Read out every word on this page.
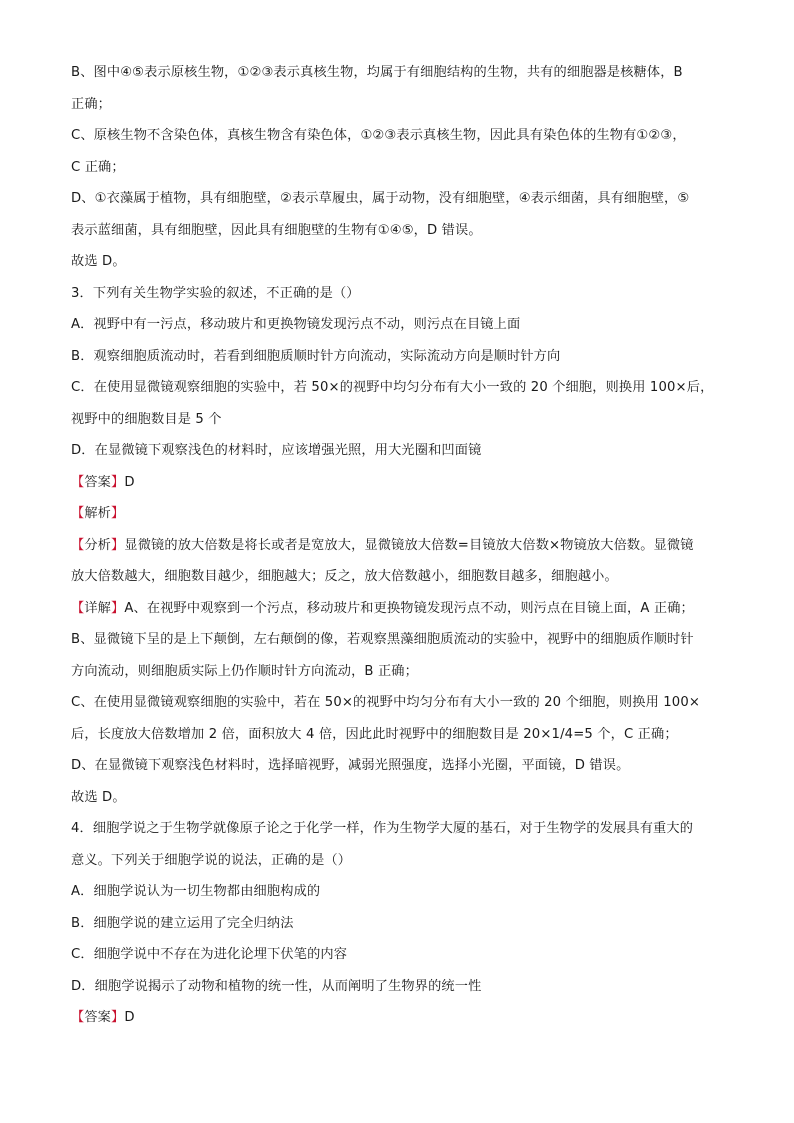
B、图中④⑤表示原核生物，①②③表示真核生物，均属于有细胞结构的生物，共有的细胞器是核糖体，B

正确；

C、原核生物不含染色体，真核生物含有染色体，①②③表示真核生物，因此具有染色体的生物有①②③，

C 正确；

D、①衣藻属于植物，具有细胞壁，②表示草履虫，属于动物，没有细胞壁，④表示细菌，具有细胞壁，⑤

表示蓝细菌，具有细胞壁，因此具有细胞壁的生物有①④⑤，D 错误。

故选 D。

3．下列有关生物学实验的叙述，不正确的是（）

A．视野中有一污点，移动玻片和更换物镜发现污点不动，则污点在目镜上面

B．观察细胞质流动时，若看到细胞质顺时针方向流动，实际流动方向是顺时针方向

C．在使用显微镜观察细胞的实验中，若 50×的视野中均匀分布有大小一致的 20 个细胞，则换用 100×后，

视野中的细胞数目是 5 个

D．在显微镜下观察浅色的材料时，应该增强光照，用大光圈和凹面镜

【答案】D

【解析】

【分析】显微镜的放大倍数是将长或者是宽放大，显微镜放大倍数=目镜放大倍数×物镜放大倍数。显微镜

放大倍数越大，细胞数目越少，细胞越大；反之，放大倍数越小，细胞数目越多，细胞越小。

【详解】A、在视野中观察到一个污点，移动玻片和更换物镜发现污点不动，则污点在目镜上面，A 正确；

B、显微镜下呈的是上下颠倒，左右颠倒的像，若观察黑藻细胞质流动的实验中，视野中的细胞质作顺时针

方向流动，则细胞质实际上仍作顺时针方向流动，B 正确；

C、在使用显微镜观察细胞的实验中，若在 50×的视野中均匀分布有大小一致的 20 个细胞，则换用 100×

后，长度放大倍数增加 2 倍，面积放大 4 倍，因此此时视野中的细胞数目是 20×1/4=5 个，C 正确；

D、在显微镜下观察浅色材料时，选择暗视野，减弱光照强度，选择小光圈，平面镜，D 错误。

故选 D。

4．细胞学说之于生物学就像原子论之于化学一样，作为生物学大厦的基石，对于生物学的发展具有重大的

意义。下列关于细胞学说的说法，正确的是（）

A．细胞学说认为一切生物都由细胞构成的

B．细胞学说的建立运用了完全归纳法

C．细胞学说中不存在为进化论埋下伏笔的内容

D．细胞学说揭示了动物和植物的统一性，从而阐明了生物界的统一性

【答案】D
